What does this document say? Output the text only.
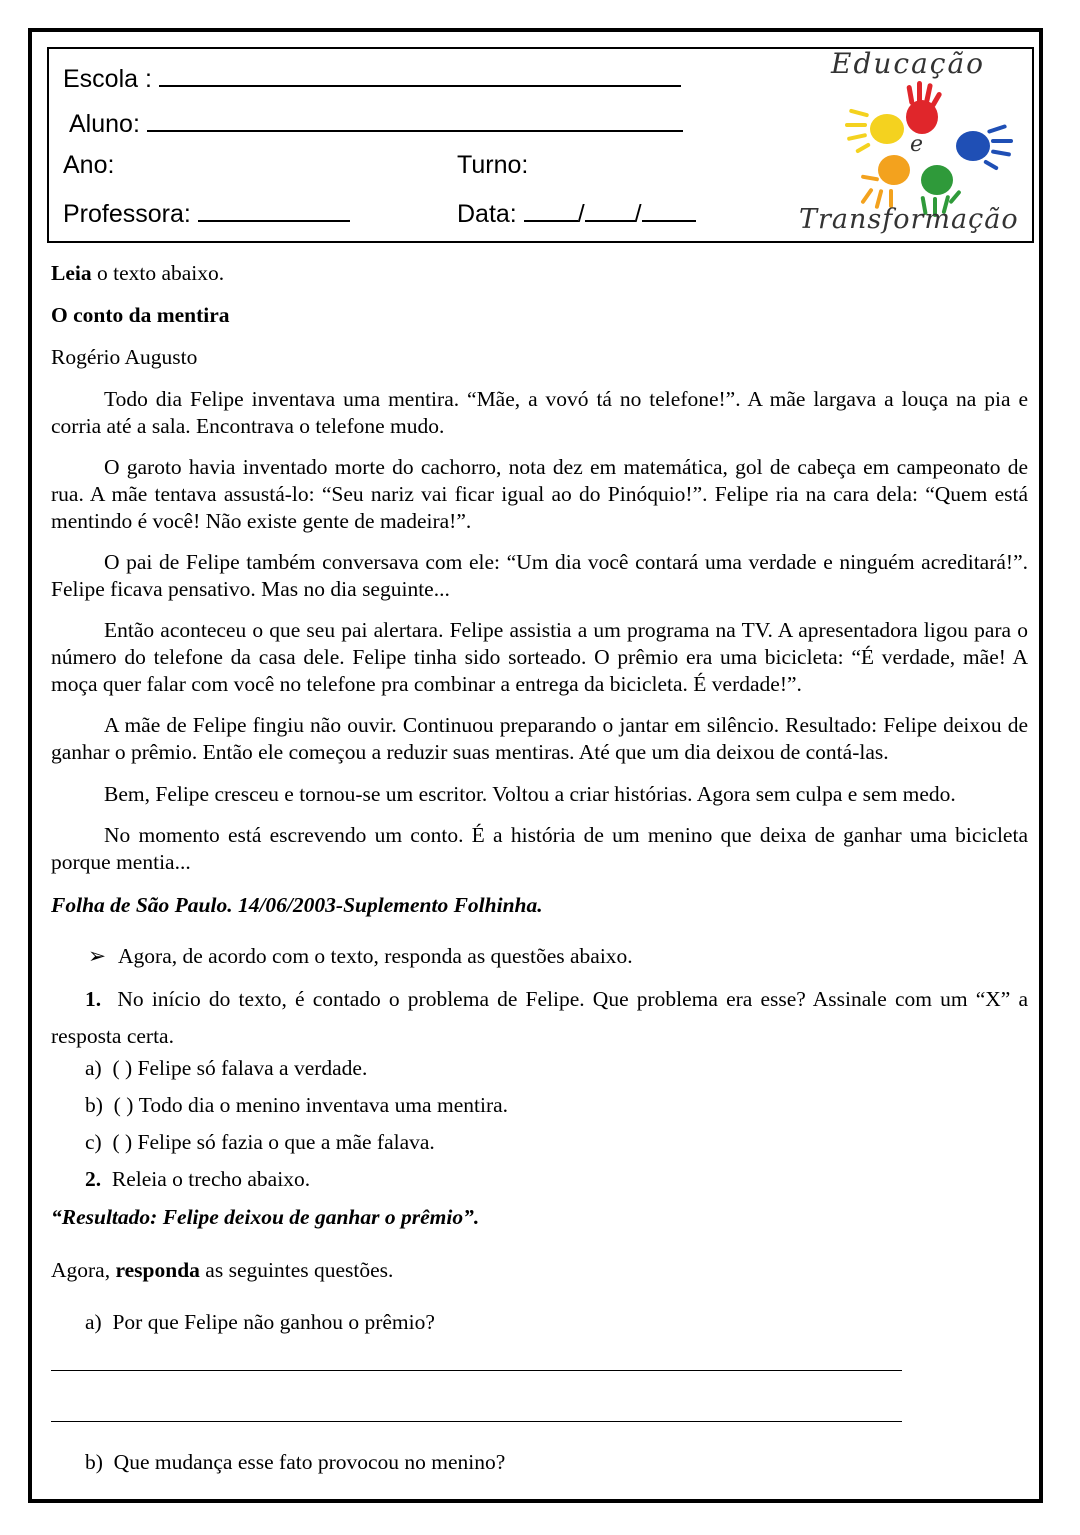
Escola :
Aluno:
Ano:	Turno:
Professora:	Data: / /
Educação
e
Transformação

Leia o texto abaixo.

O conto da mentira

Rogério Augusto

Todo dia Felipe inventava uma mentira. “Mãe, a vovó tá no telefone!”. A mãe largava a louça na pia e corria até a sala. Encontrava o telefone mudo.

O garoto havia inventado morte do cachorro, nota dez em matemática, gol de cabeça em campeonato de rua. A mãe tentava assustá-lo: “Seu nariz vai ficar igual ao do Pinóquio!”. Felipe ria na cara dela: “Quem está mentindo é você! Não existe gente de madeira!”.

O pai de Felipe também conversava com ele: “Um dia você contará uma verdade e ninguém acreditará!”. Felipe ficava pensativo. Mas no dia seguinte...

Então aconteceu o que seu pai alertara. Felipe assistia a um programa na TV. A apresentadora ligou para o número do telefone da casa dele. Felipe tinha sido sorteado. O prêmio era uma bicicleta: “É verdade, mãe! A moça quer falar com você no telefone pra combinar a entrega da bicicleta. É verdade!”.

A mãe de Felipe fingiu não ouvir. Continuou preparando o jantar em silêncio. Resultado: Felipe deixou de ganhar o prêmio. Então ele começou a reduzir suas mentiras. Até que um dia deixou de contá-las.

Bem, Felipe cresceu e tornou-se um escritor. Voltou a criar histórias. Agora sem culpa e sem medo.

No momento está escrevendo um conto. É a história de um menino que deixa de ganhar uma bicicleta porque mentia...

Folha de São Paulo. 14/06/2003-Suplemento Folhinha.

➢ Agora, de acordo com o texto, responda as questões abaixo.

1. No início do texto, é contado o problema de Felipe. Que problema era esse? Assinale com um “X” a resposta certa.

a) ( ) Felipe só falava a verdade.
b) ( ) Todo dia o menino inventava uma mentira.
c) ( ) Felipe só fazia o que a mãe falava.
2. Releia o trecho abaixo.

“Resultado: Felipe deixou de ganhar o prêmio”.

Agora, responda as seguintes questões.

a) Por que Felipe não ganhou o prêmio?
b) Que mudança esse fato provocou no menino?
